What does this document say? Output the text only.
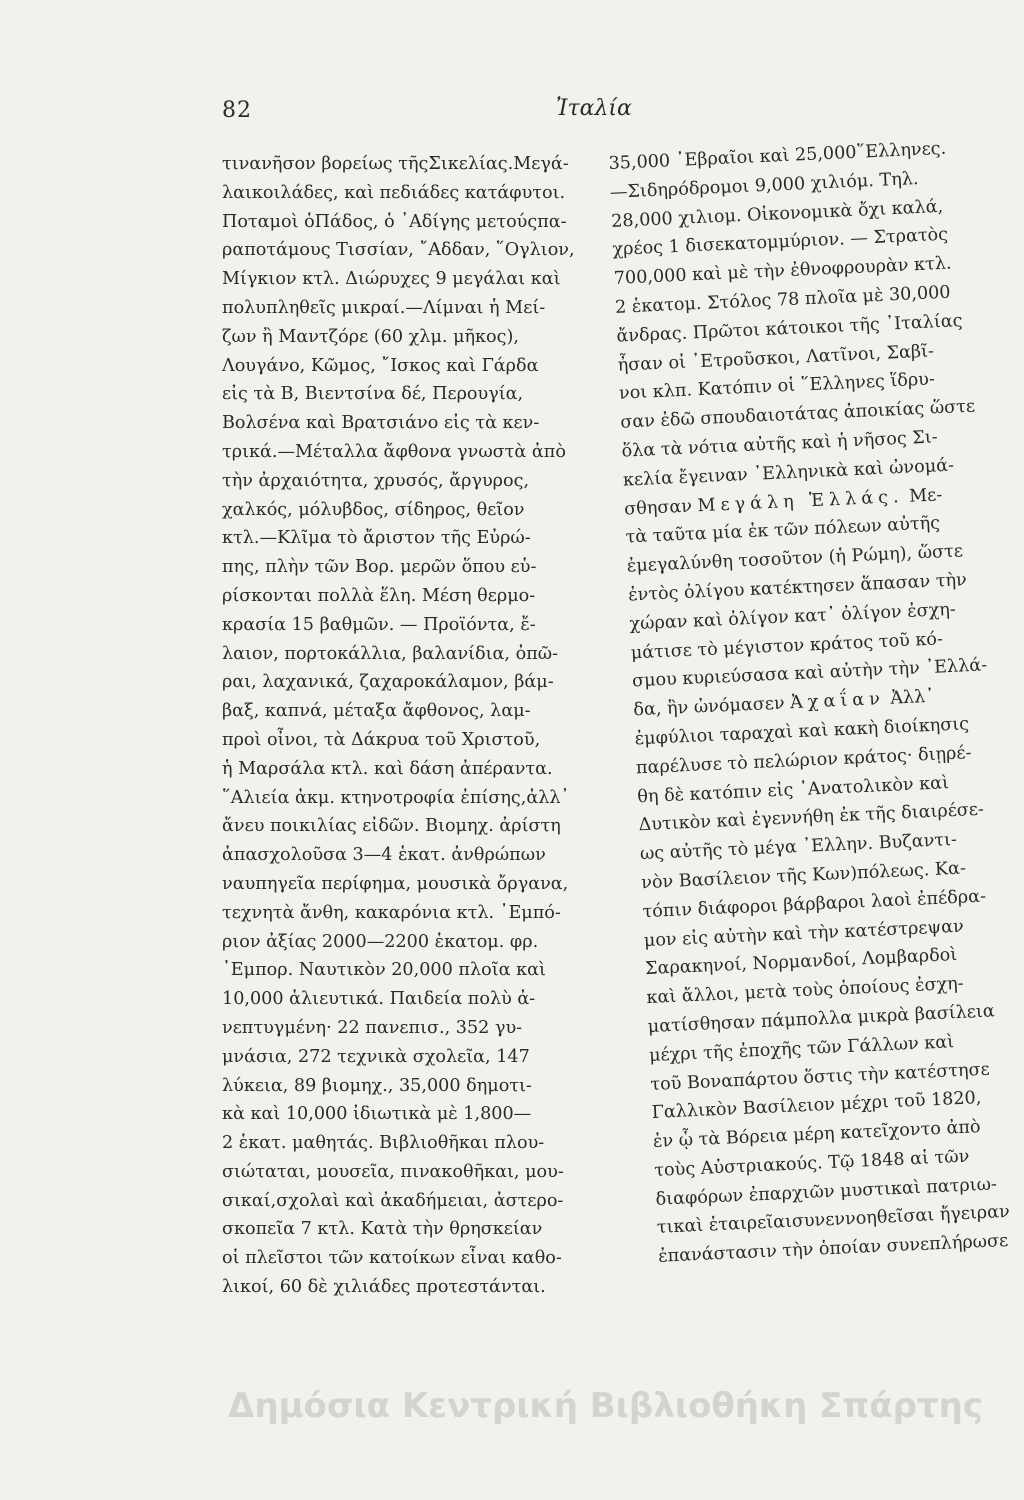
82	Ἰταλία
τινανῆσον βορείως τῆςΣικελίας.Μεγά-
λαικοιλάδες, καὶ πεδιάδες κατάφυτοι.
Ποταμοὶ ὁΠάδος, ὁ ᾽Αδίγης μετούςπα-
ραποτάμους Τισσίαν, ῎Αδδαν, ῞Ογλιον,
Μίγκιον κτλ. Διώρυχες 9 μεγάλαι καὶ
πολυπληθεῖς μικραί.—Λίμναι ἡ Μεί-
ζων ἢ Μαντζόρε (60 χλμ. μῆκος),
Λουγάνο, Κῶμος, ῎Ισκος καὶ Γάρδα
εἰς τὰ Β, Βιεντσίνα δέ, Περουγία,
Βολσένα καὶ Βρατσιάνο εἰς τὰ κεν-
τρικά.—Μέταλλα ἄφθονα γνωστὰ ἀπὸ
τὴν ἀρχαιότητα, χρυσός, ἄργυρος,
χαλκός, μόλυβδος, σίδηρος, θεῖον
κτλ.—Κλῖμα τὸ ἄριστον τῆς Εὐρώ-
πης, πλὴν τῶν Βορ. μερῶν ὅπου εὑ-
ρίσκονται πολλὰ ἕλη. Μέση θερμο-
κρασία 15 βαθμῶν. — Προϊόντα, ἔ-
λαιον, πορτοκάλλια, βαλανίδια, ὀπῶ-
ραι, λαχανικά, ζαχαροκάλαμον, βάμ-
βαξ, καπνά, μέταξα ἄφθονος, λαμ-
προὶ οἶνοι, τὰ Δάκρυα τοῦ Χριστοῦ,
ἡ Μαρσάλα κτλ. καὶ δάση ἀπέραντα.
῞Αλιεία ἀκμ. κτηνοτροφία ἐπίσης,ἀλλ᾽
ἄνευ ποικιλίας εἰδῶν. Βιομηχ. ἀρίστη
ἀπασχολοῦσα 3—4 ἑκατ. ἀνθρώπων
ναυπηγεῖα περίφημα, μουσικὰ ὄργανα,
τεχνητὰ ἄνθη, κακαρόνια κτλ. ᾽Εμπό-
ριον ἀξίας 2000—2200 ἑκατομ. φρ.
᾽Εμπορ. Ναυτικὸν 20,000 πλοῖα καὶ
10,000 ἁλιευτικά. Παιδεία πολὺ ἀ-
νεπτυγμένη· 22 πανεπισ., 352 γυ-
μνάσια, 272 τεχνικὰ σχολεῖα, 147
λύκεια, 89 βιομηχ., 35,000 δημοτι-
κὰ καὶ 10,000 ἰδιωτικὰ μὲ 1,800—
2 ἑκατ. μαθητάς. Βιβλιοθῆκαι πλου-
σιώταται, μουσεῖα, πινακοθῆκαι, μου-
σικαί,σχολαὶ καὶ ἀκαδήμειαι, ἀστερο-
σκοπεῖα 7 κτλ. Κατὰ τὴν θρησκείαν
οἱ πλεῖστοι τῶν κατοίκων εἶναι καθο-
λικοί, 60 δὲ χιλιάδες προτεστάνται.
35,000 ᾽Εβραῖοι καὶ 25,000῞Ελληνες.
—Σιδηρόδρομοι 9,000 χιλιόμ. Τηλ.
28,000 χιλιομ. Οἰκονομικὰ ὄχι καλά,
χρέος 1 δισεκατομμύριον. — Στρατὸς
700,000 καὶ μὲ τὴν ἐθνοφρουρὰν κτλ.
2 ἑκατομ. Στόλος 78 πλοῖα μὲ 30,000
ἄνδρας. Πρῶτοι κάτοικοι τῆς ᾽Ιταλίας
ἦσαν οἱ ᾽Ετροῦσκοι, Λατῖνοι, Σαβῖ-
νοι κλπ. Κατόπιν οἱ ῞Ελληνες ἵδρυ-
σαν ἐδῶ σπουδαιοτάτας ἀποικίας ὥστε
ὅλα τὰ νότια αὐτῆς καὶ ἡ νῆσος Σι-
κελία ἔγειναν ᾽Ελληνικὰ καὶ ὠνομά-
σθησαν Μεγάλη Ἑλλάς. Με-
τὰ ταῦτα μία ἐκ τῶν πόλεων αὐτῆς
ἐμεγαλύνθη τοσοῦτον (ἡ Ρώμη), ὥστε
ἐντὸς ὀλίγου κατέκτησεν ἅπασαν τὴν
χώραν καὶ ὀλίγον κατ᾽ ὀλίγον ἐσχη-
μάτισε τὸ μέγιστον κράτος τοῦ κό-
σμου κυριεύσασα καὶ αὐτὴν τὴν ᾽Ελλά-
δα, ἣν ὠνόμασεν Ἀχαΐαν Ἀλλ᾽
ἐμφύλιοι ταραχαὶ καὶ κακὴ διοίκησις
παρέλυσε τὸ πελώριον κράτος· διῃρέ-
θη δὲ κατόπιν εἰς ᾽Ανατολικὸν καὶ
Δυτικὸν καὶ ἐγεννήθη ἐκ τῆς διαιρέσε-
ως αὐτῆς τὸ μέγα ᾽Ελλην. Βυζαντι-
νὸν Βασίλειον τῆς Κων)πόλεως. Κα-
τόπιν διάφοροι βάρβαροι λαοὶ ἐπέδρα-
μον εἰς αὐτὴν καὶ τὴν κατέστρεψαν
Σαρακηνοί, Νορμανδοί, Λομβαρδοὶ
καὶ ἄλλοι, μετὰ τοὺς ὁποίους ἐσχη-
ματίσθησαν πάμπολλα μικρὰ βασίλεια
μέχρι τῆς ἐποχῆς τῶν Γάλλων καὶ
τοῦ Βοναπάρτου ὅστις τὴν κατέστησε
Γαλλικὸν Βασίλειον μέχρι τοῦ 1820,
ἐν ᾧ τὰ Βόρεια μέρη κατεῖχοντο ἀπὸ
τοὺς Αὐστριακούς. Τῷ 1848 αἱ τῶν
διαφόρων ἐπαρχιῶν μυστικαὶ πατριω-
τικαὶ ἑταιρεῖαισυνεννοηθεῖσαι ἤγειραν
ἐπανάστασιν τὴν ὁποίαν συνεπλήρωσε
Δημόσια Κεντρική Βιβλιοθήκη Σπάρτης
